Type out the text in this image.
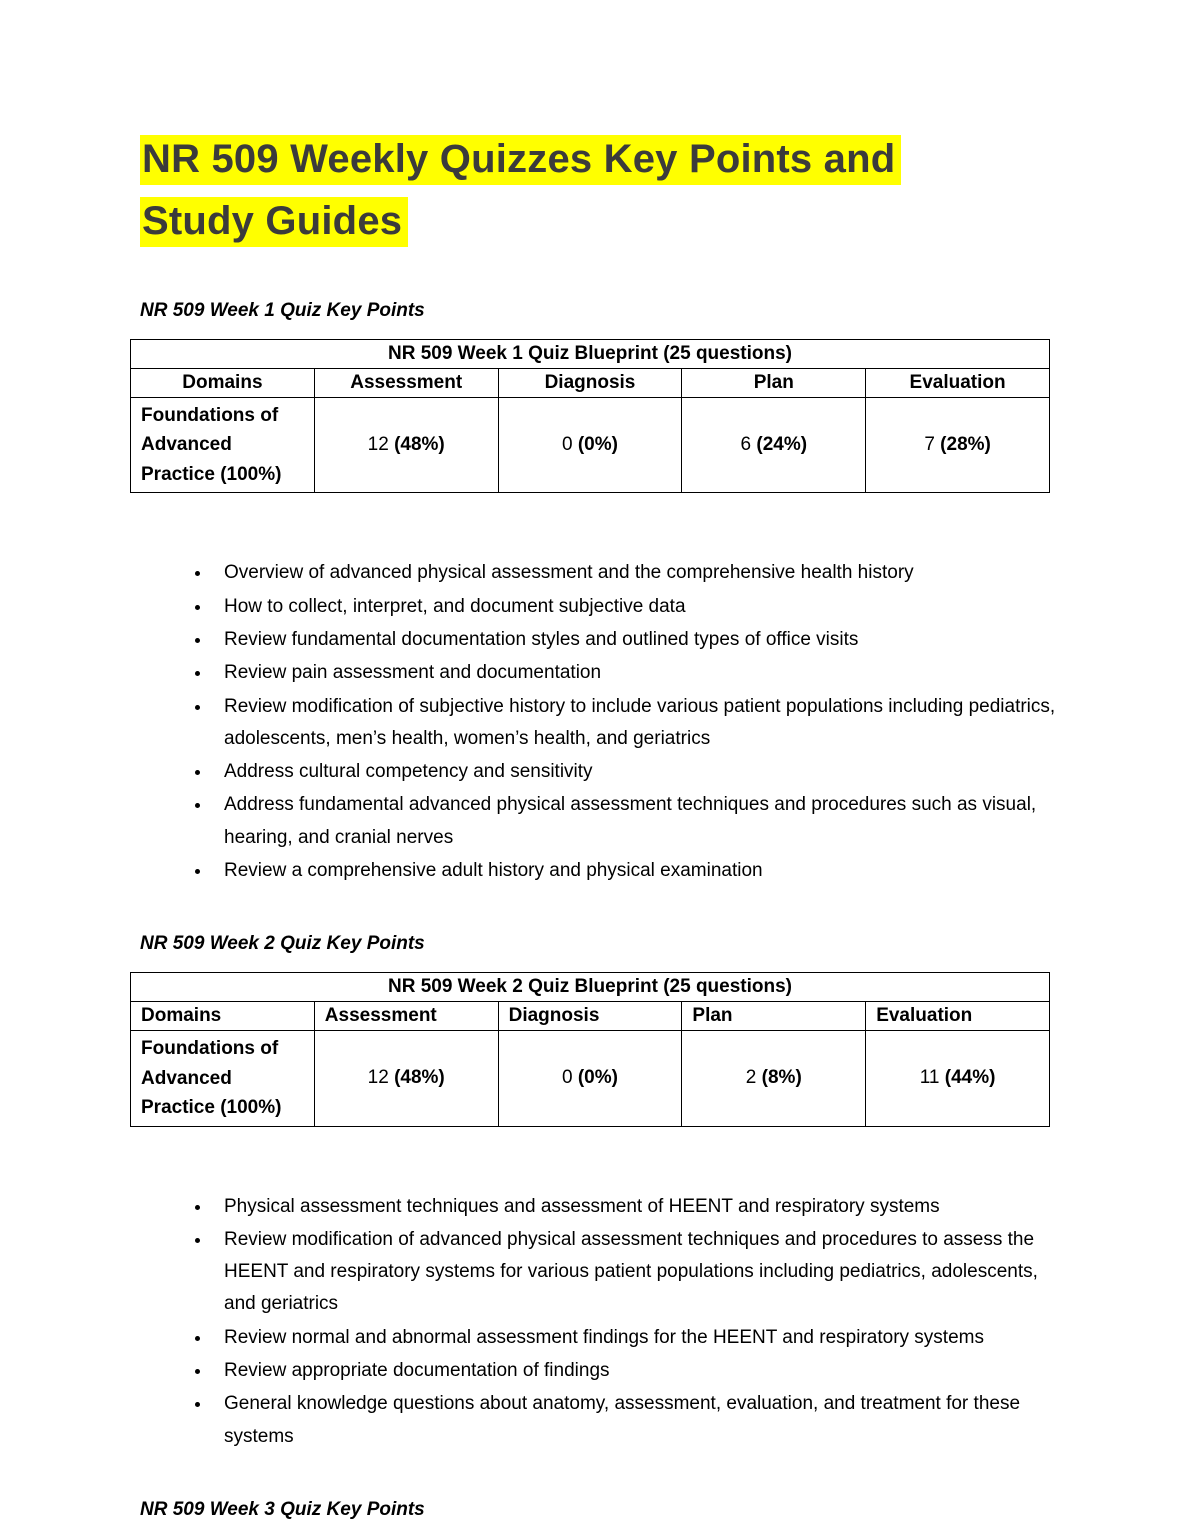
NR 509 Weekly Quizzes Key Points and
Study Guides

NR 509 Week 1 Quiz Key Points

NR 509 Week 1 Quiz Blueprint (25 questions)				
Domains	Assessment	Diagnosis	Plan	Evaluation
Foundations of Advanced Practice (100%)	12 (48%)	0 (0%)	6 (24%)	7 (28%)
• Overview of advanced physical assessment and the comprehensive health history
• How to collect, interpret, and document subjective data
• Review fundamental documentation styles and outlined types of office visits
• Review pain assessment and documentation
• Review modification of subjective history to include various patient populations including pediatrics, adolescents, men’s health, women’s health, and geriatrics
• Address cultural competency and sensitivity
• Address fundamental advanced physical assessment techniques and procedures such as visual, hearing, and cranial nerves
• Review a comprehensive adult history and physical examination

NR 509 Week 2 Quiz Key Points

NR 509 Week 2 Quiz Blueprint (25 questions)				
Domains	Assessment	Diagnosis	Plan	Evaluation
Foundations of Advanced Practice (100%)	12 (48%)	0 (0%)	2 (8%)	11 (44%)
• Physical assessment techniques and assessment of HEENT and respiratory systems
• Review modification of advanced physical assessment techniques and procedures to assess the HEENT and respiratory systems for various patient populations including pediatrics, adolescents, and geriatrics
• Review normal and abnormal assessment findings for the HEENT and respiratory systems
• Review appropriate documentation of findings
• General knowledge questions about anatomy, assessment, evaluation, and treatment for these systems

NR 509 Week 3 Quiz Key Points
